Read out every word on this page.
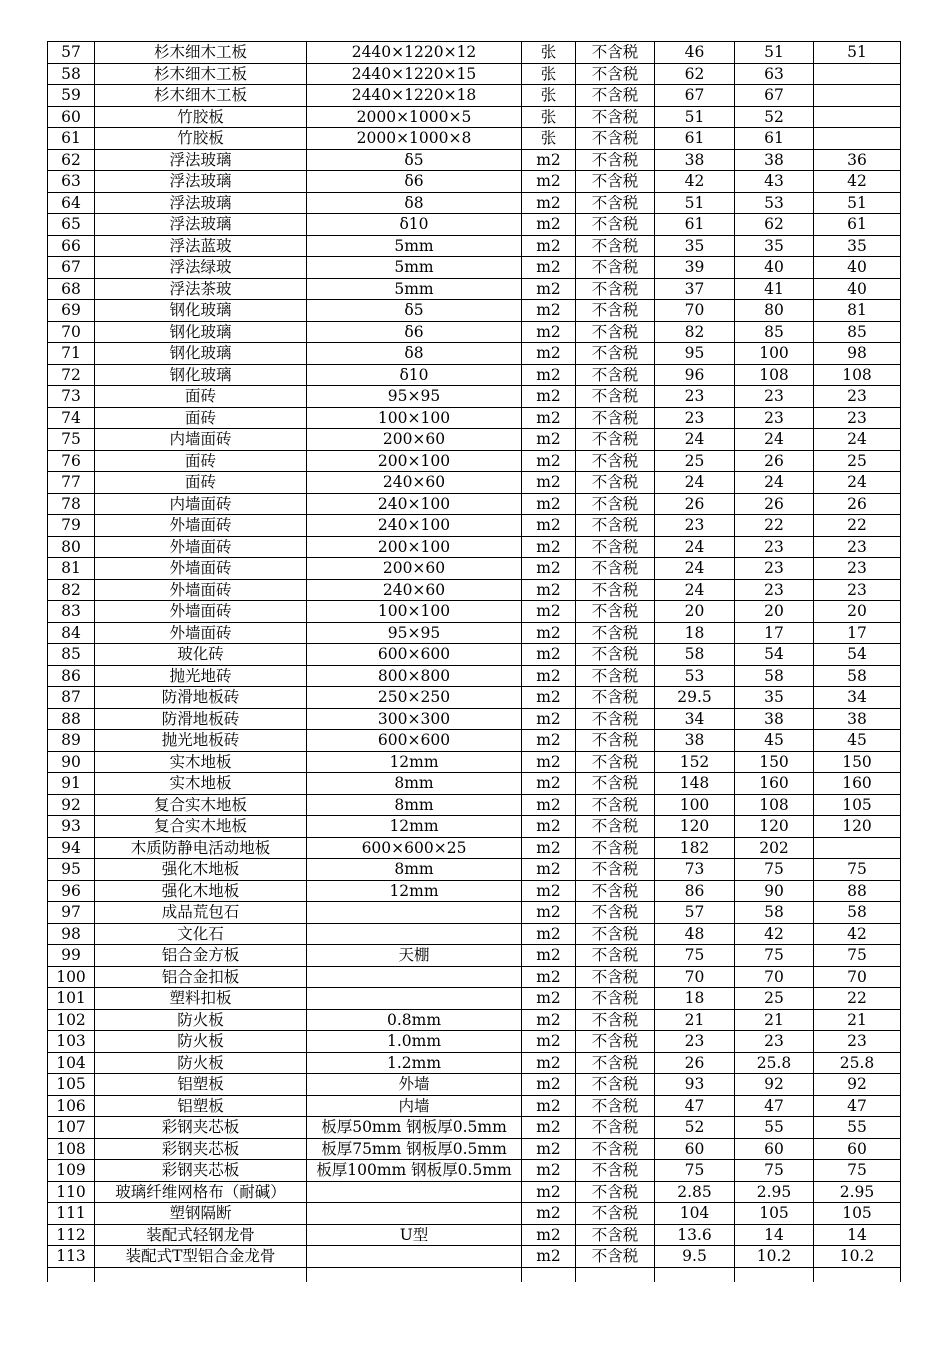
57	杉木细木工板	2440×1220×12	张	不含税	46	51	51
58	杉木细木工板	2440×1220×15	张	不含税	62	63	
59	杉木细木工板	2440×1220×18	张	不含税	67	67	
60	竹胶板	2000×1000×5	张	不含税	51	52	
61	竹胶板	2000×1000×8	张	不含税	61	61	
62	浮法玻璃	δ5	m2	不含税	38	38	36
63	浮法玻璃	δ6	m2	不含税	42	43	42
64	浮法玻璃	δ8	m2	不含税	51	53	51
65	浮法玻璃	δ10	m2	不含税	61	62	61
66	浮法蓝玻	5mm	m2	不含税	35	35	35
67	浮法绿玻	5mm	m2	不含税	39	40	40
68	浮法茶玻	5mm	m2	不含税	37	41	40
69	钢化玻璃	δ5	m2	不含税	70	80	81
70	钢化玻璃	δ6	m2	不含税	82	85	85
71	钢化玻璃	δ8	m2	不含税	95	100	98
72	钢化玻璃	δ10	m2	不含税	96	108	108
73	面砖	95×95	m2	不含税	23	23	23
74	面砖	100×100	m2	不含税	23	23	23
75	内墙面砖	200×60	m2	不含税	24	24	24
76	面砖	200×100	m2	不含税	25	26	25
77	面砖	240×60	m2	不含税	24	24	24
78	内墙面砖	240×100	m2	不含税	26	26	26
79	外墙面砖	240×100	m2	不含税	23	22	22
80	外墙面砖	200×100	m2	不含税	24	23	23
81	外墙面砖	200×60	m2	不含税	24	23	23
82	外墙面砖	240×60	m2	不含税	24	23	23
83	外墙面砖	100×100	m2	不含税	20	20	20
84	外墙面砖	95×95	m2	不含税	18	17	17
85	玻化砖	600×600	m2	不含税	58	54	54
86	抛光地砖	800×800	m2	不含税	53	58	58
87	防滑地板砖	250×250	m2	不含税	29.5	35	34
88	防滑地板砖	300×300	m2	不含税	34	38	38
89	抛光地板砖	600×600	m2	不含税	38	45	45
90	实木地板	12mm	m2	不含税	152	150	150
91	实木地板	8mm	m2	不含税	148	160	160
92	复合实木地板	8mm	m2	不含税	100	108	105
93	复合实木地板	12mm	m2	不含税	120	120	120
94	木质防静电活动地板	600×600×25	m2	不含税	182	202	
95	强化木地板	8mm	m2	不含税	73	75	75
96	强化木地板	12mm	m2	不含税	86	90	88
97	成品荒包石		m2	不含税	57	58	58
98	文化石		m2	不含税	48	42	42
99	铝合金方板	天棚	m2	不含税	75	75	75
100	铝合金扣板		m2	不含税	70	70	70
101	塑料扣板		m2	不含税	18	25	22
102	防火板	0.8mm	m2	不含税	21	21	21
103	防火板	1.0mm	m2	不含税	23	23	23
104	防火板	1.2mm	m2	不含税	26	25.8	25.8
105	铝塑板	外墙	m2	不含税	93	92	92
106	铝塑板	内墙	m2	不含税	47	47	47
107	彩钢夹芯板	板厚50mm 钢板厚0.5mm	m2	不含税	52	55	55
108	彩钢夹芯板	板厚75mm 钢板厚0.5mm	m2	不含税	60	60	60
109	彩钢夹芯板	板厚100mm 钢板厚0.5mm	m2	不含税	75	75	75
110	玻璃纤维网格布（耐碱）		m2	不含税	2.85	2.95	2.95
111	塑钢隔断		m2	不含税	104	105	105
112	装配式轻钢龙骨	U型	m2	不含税	13.6	14	14
113	装配式T型铝合金龙骨		m2	不含税	9.5	10.2	10.2
